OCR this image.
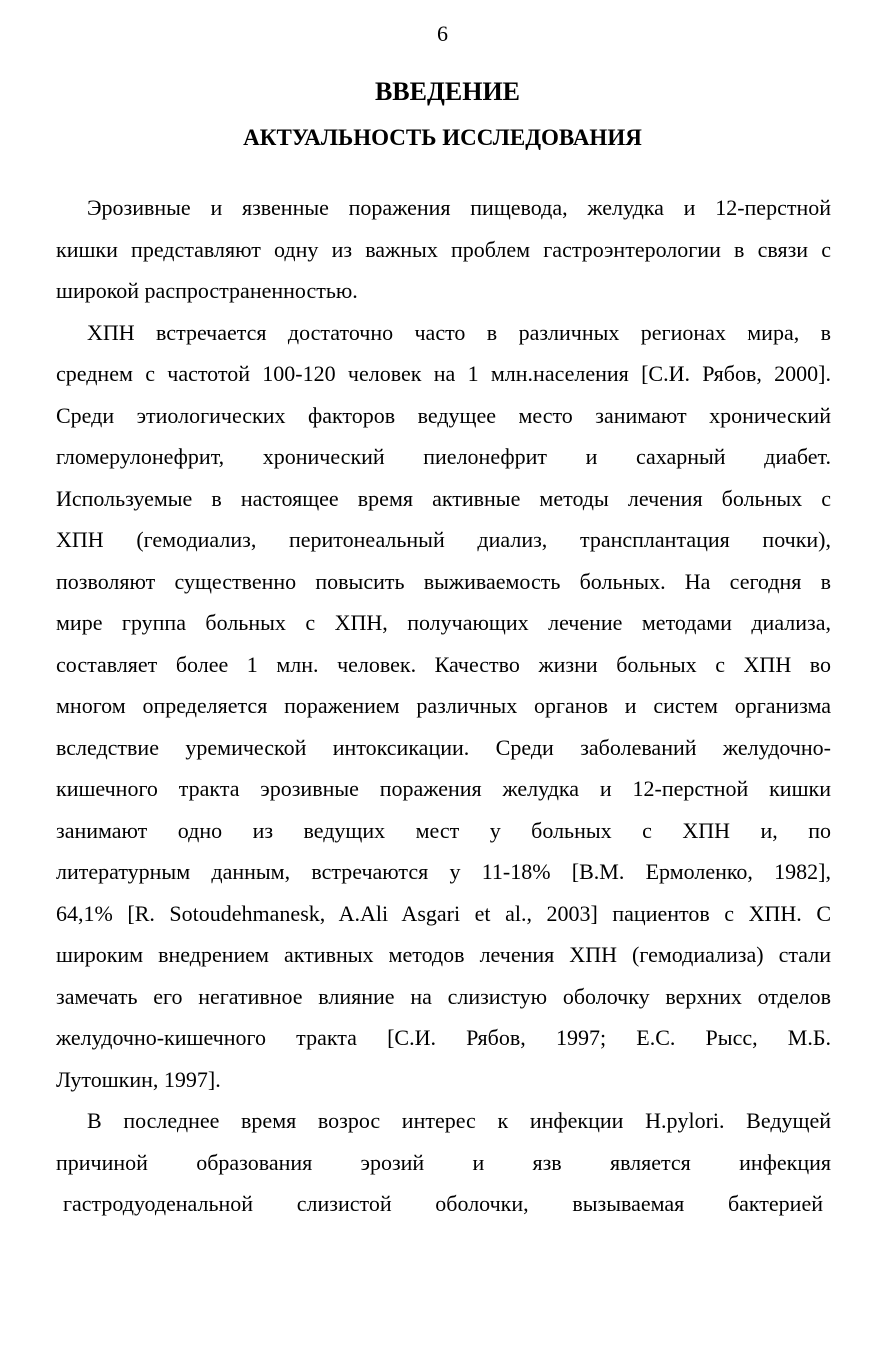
6
ВВЕДЕНИЕ
АКТУАЛЬНОСТЬ ИССЛЕДОВАНИЯ
Эрозивные и язвенные поражения пищевода, желудка и 12-перстной
кишки представляют одну из важных проблем гастроэнтерологии в связи с
широкой распространенностью.
ХПН встречается достаточно часто в различных регионах мира, в
среднем с частотой 100-120 человек на 1 млн.населения [С.И. Рябов, 2000].
Среди этиологических факторов ведущее место занимают хронический
гломерулонефрит, хронический пиелонефрит и сахарный диабет.
Используемые в настоящее время активные методы лечения больных с
ХПН (гемодиализ, перитонеальный диализ, трансплантация почки),
позволяют существенно повысить выживаемость больных. На сегодня в
мире группа больных с ХПН, получающих лечение методами диализа,
составляет более 1 млн. человек. Качество жизни больных с ХПН во
многом определяется поражением различных органов и систем организма
вследствие уремической интоксикации. Среди заболеваний желудочно-
кишечного тракта эрозивные поражения желудка и 12-перстной кишки
занимают одно из ведущих мест у больных с ХПН и, по
литературным данным, встречаются у 11-18% [В.М. Ермоленко, 1982],
64,1% [R. Sotoudehmanesk, A.Ali Asgari et al., 2003] пациентов с ХПН. С
широким внедрением активных методов лечения ХПН (гемодиализа) стали
замечать его негативное влияние на слизистую оболочку верхних отделов
желудочно-кишечного тракта [С.И. Рябов, 1997; Е.С. Рысс, М.Б.
Лутошкин, 1997].
В последнее время возрос интерес к инфекции H.pylori. Ведущей
причиной образования эрозий и язв является инфекция
гастродуоденальной слизистой оболочки, вызываемая бактерией
